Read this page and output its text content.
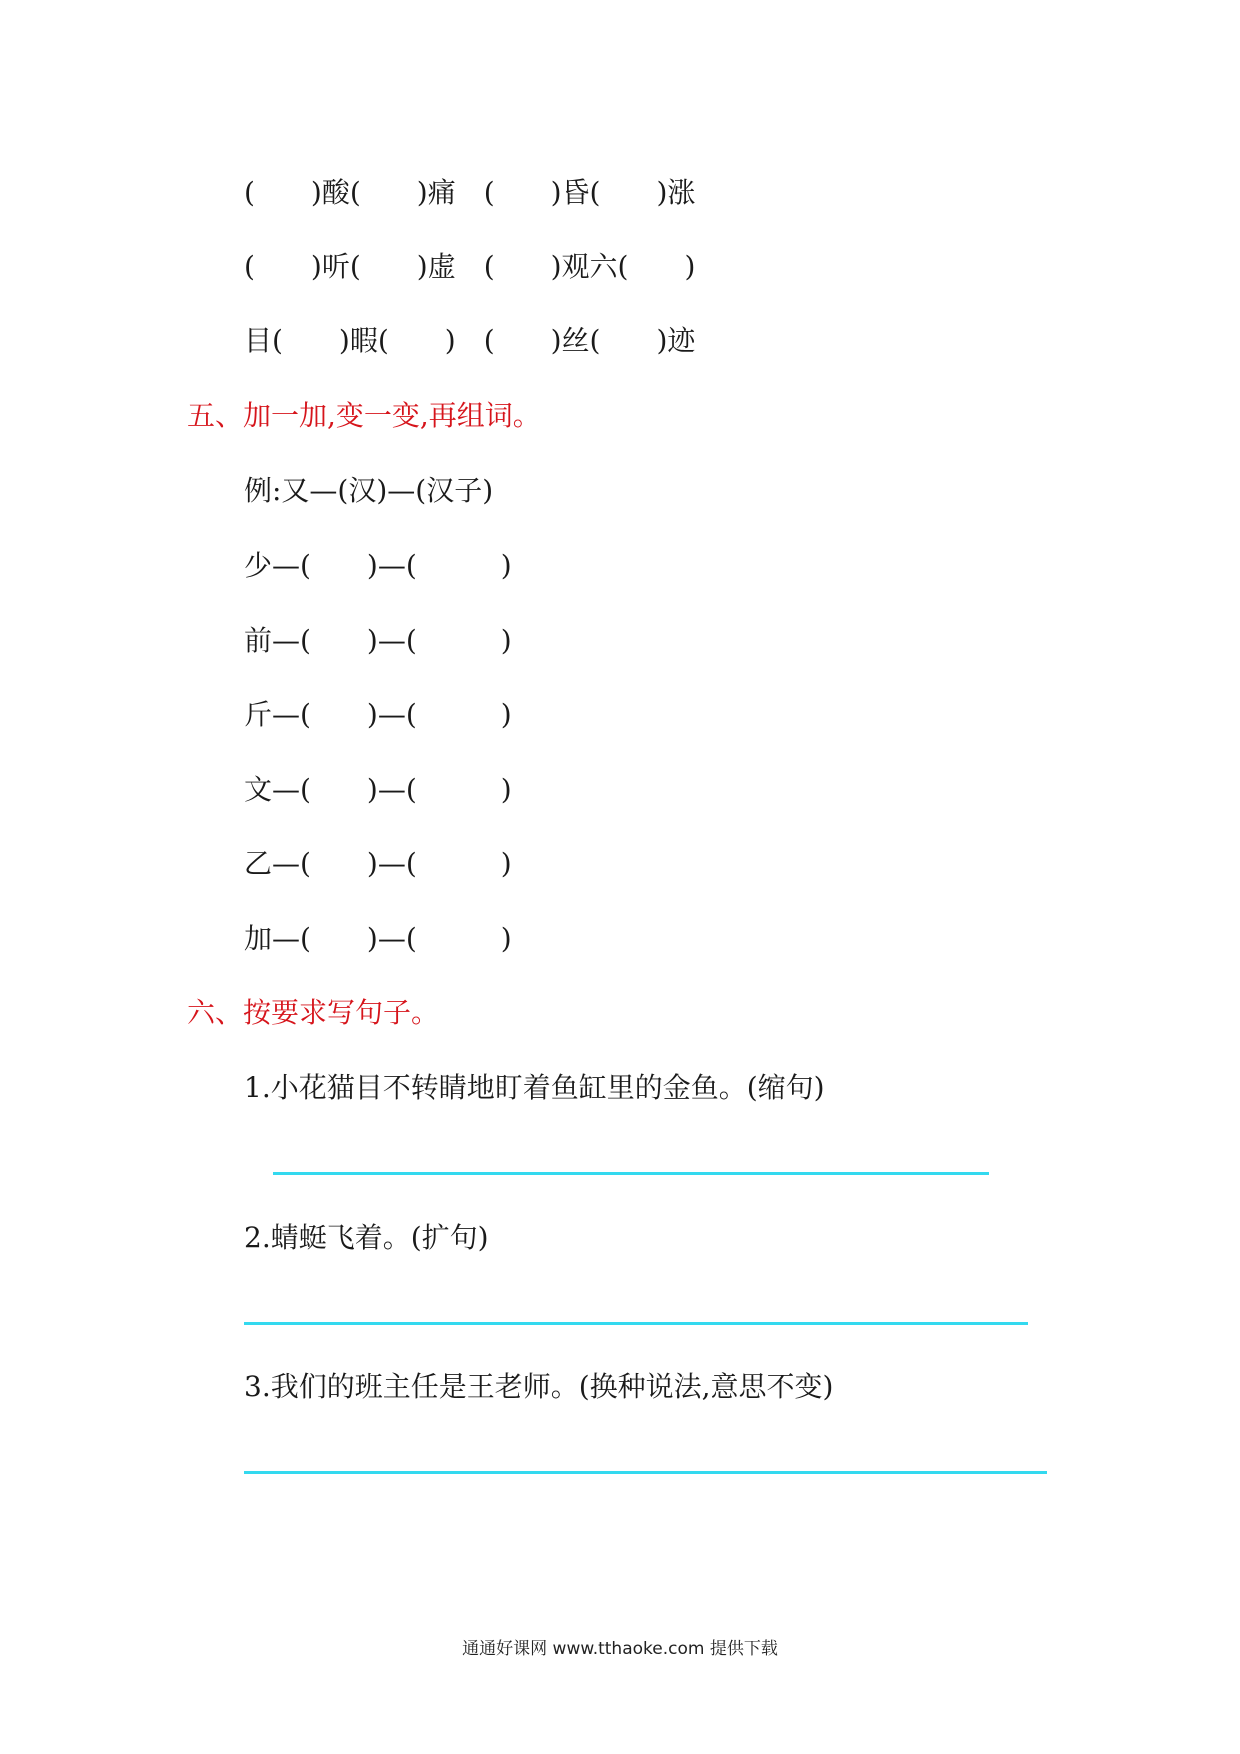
(　　)酸(　　)痛　(　　)昏(　　)涨
(　　)听(　　)虚　(　　)观六(　　)
目(　　)暇(　　)　(　　)丝(　　)迹
五、加一加,变一变,再组词。
例:又—(汉)—(汉子)
少—(　　)—(　　　)
前—(　　)—(　　　)
斤—(　　)—(　　　)
文—(　　)—(　　　)
乙—(　　)—(　　　)
加—(　　)—(　　　)
六、按要求写句子。
1.小花猫目不转睛地盯着鱼缸里的金鱼。(缩句)
2.蜻蜓飞着。(扩句)
3.我们的班主任是王老师。(换种说法,意思不变)
通通好课网 www.tthaoke.com 提供下载
